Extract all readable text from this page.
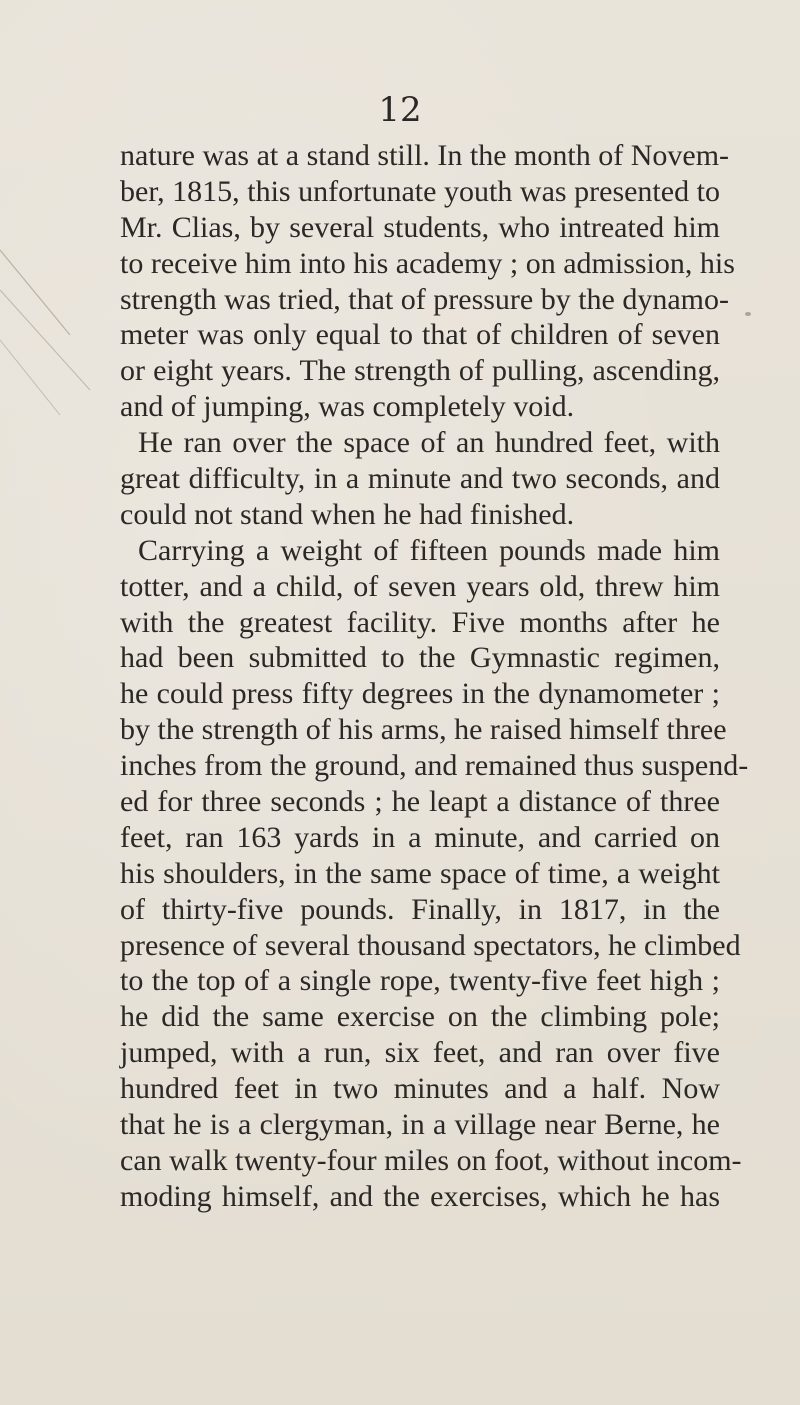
12
nature was at a stand still. In the month of Novem-
ber, 1815, this unfortunate youth was presented to
Mr. Clias, by several students, who intreated him
to receive him into his academy ; on admission, his
strength was tried, that of pressure by the dynamo-
meter was only equal to that of children of seven
or eight years. The strength of pulling, ascending,
and of jumping, was completely void.
He ran over the space of an hundred feet, with
great difficulty, in a minute and two seconds, and
could not stand when he had finished.
Carrying a weight of fifteen pounds made him
totter, and a child, of seven years old, threw him
with the greatest facility. Five months after he
had been submitted to the Gymnastic regimen,
he could press fifty degrees in the dynamometer ;
by the strength of his arms, he raised himself three
inches from the ground, and remained thus suspend-
ed for three seconds ; he leapt a distance of three
feet, ran 163 yards in a minute, and carried on
his shoulders, in the same space of time, a weight
of thirty-five pounds. Finally, in 1817, in the
presence of several thousand spectators, he climbed
to the top of a single rope, twenty-five feet high ;
he did the same exercise on the climbing pole;
jumped, with a run, six feet, and ran over five
hundred feet in two minutes and a half. Now
that he is a clergyman, in a village near Berne, he
can walk twenty-four miles on foot, without incom-
moding himself, and the exercises, which he has
